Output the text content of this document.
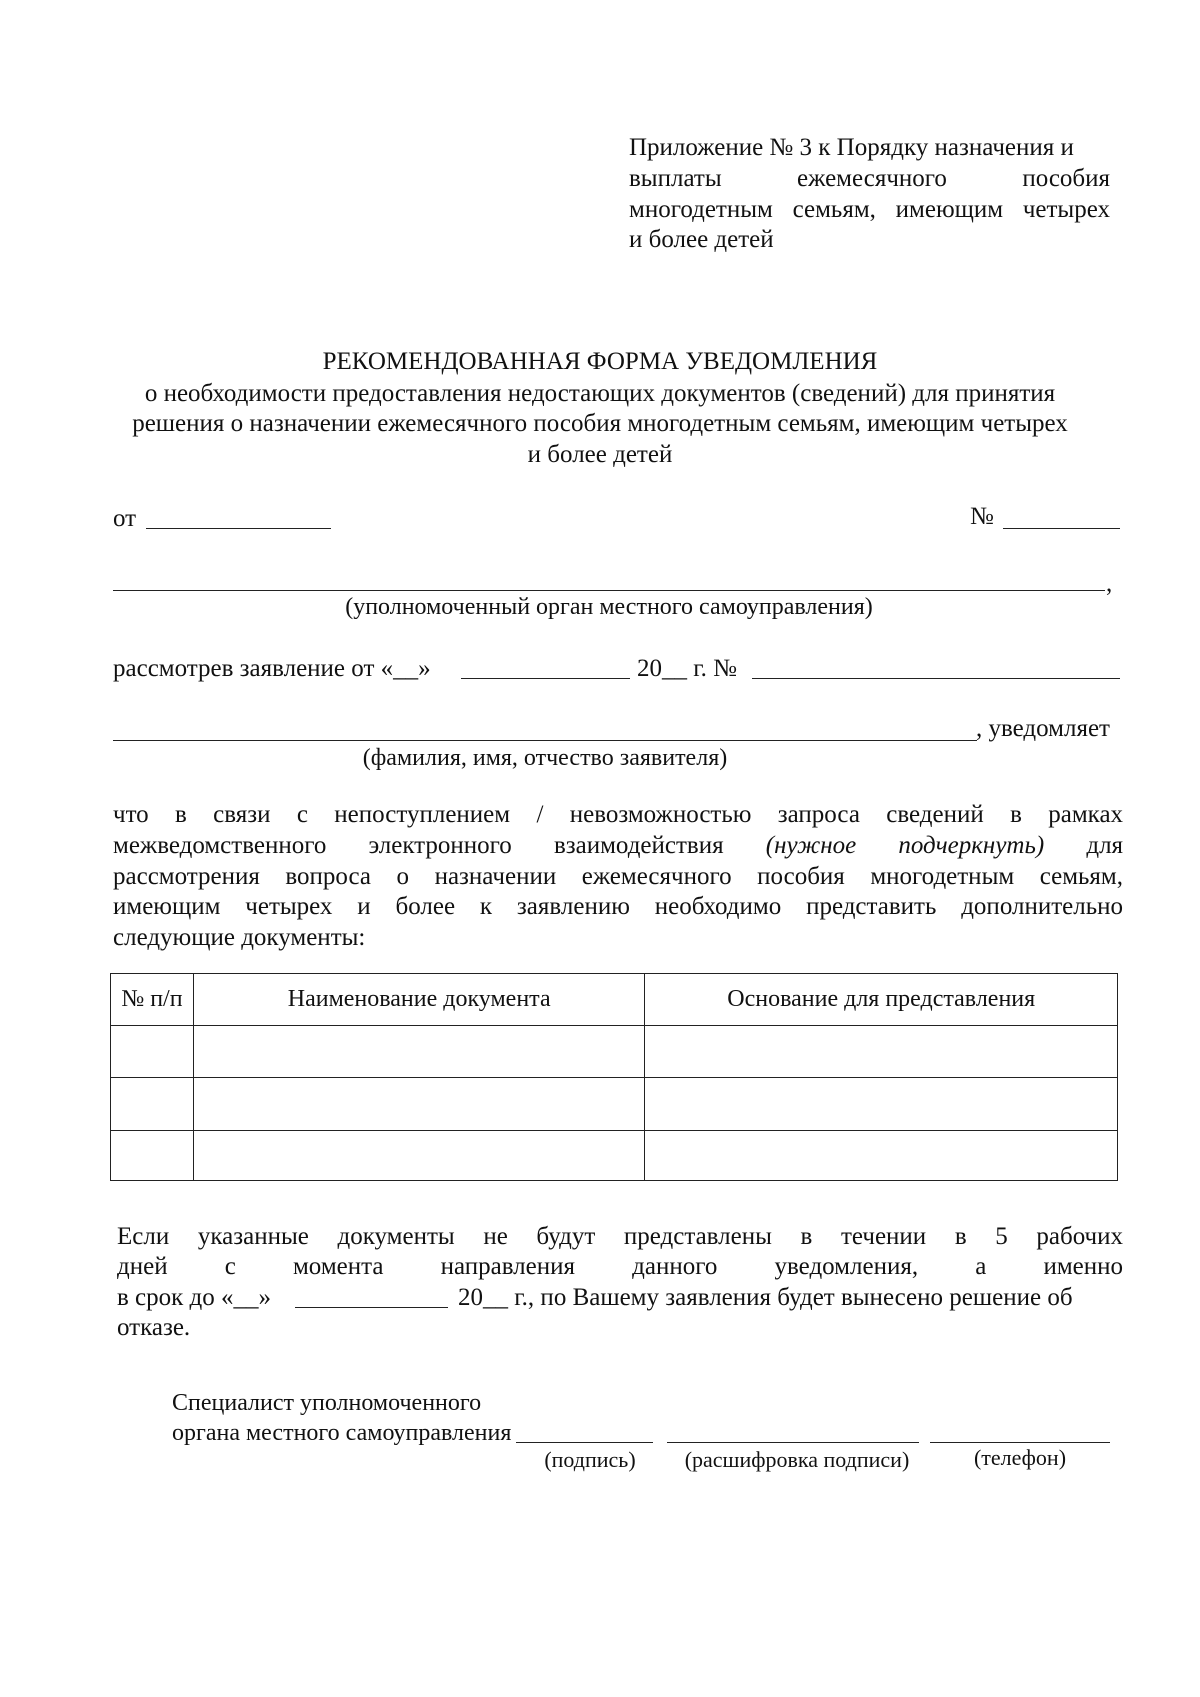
Приложение № 3 к Порядку назначения и
выплаты	ежемесячного	пособия
многодетным семьям, имеющим четырех
и более детей
РЕКОМЕНДОВАННАЯ ФОРМА УВЕДОМЛЕНИЯ
о необходимости предоставления недостающих документов (сведений) для принятия
решения о назначении ежемесячного пособия многодетным семьям, имеющим четырех
и более детей
от	№
,
(уполномоченный орган местного самоуправления)
рассмотрев заявление от «__»	20__ г. №
, уведомляет
(фамилия, имя, отчество заявителя)
что в связи с непоступлением / невозможностью запроса сведений в рамках
межведомственного электронного взаимодействия (нужное подчеркнуть) для
рассмотрения вопроса о назначении ежемесячного пособия многодетным семьям,
имеющим четырех и более к заявлению необходимо представить дополнительно
следующие документы:
№ п/п	Наименование документа	Основание для представления

Если указанные документы не будут представлены в течении в 5 рабочих
дней с момента направления данного уведомления, а именно
в срок до «__»	20__ г., по Вашему заявления будет вынесено решение об
отказе.
Специалист уполномоченного
органа местного самоуправления
(подпись)	(расшифровка подписи)	(телефон)
